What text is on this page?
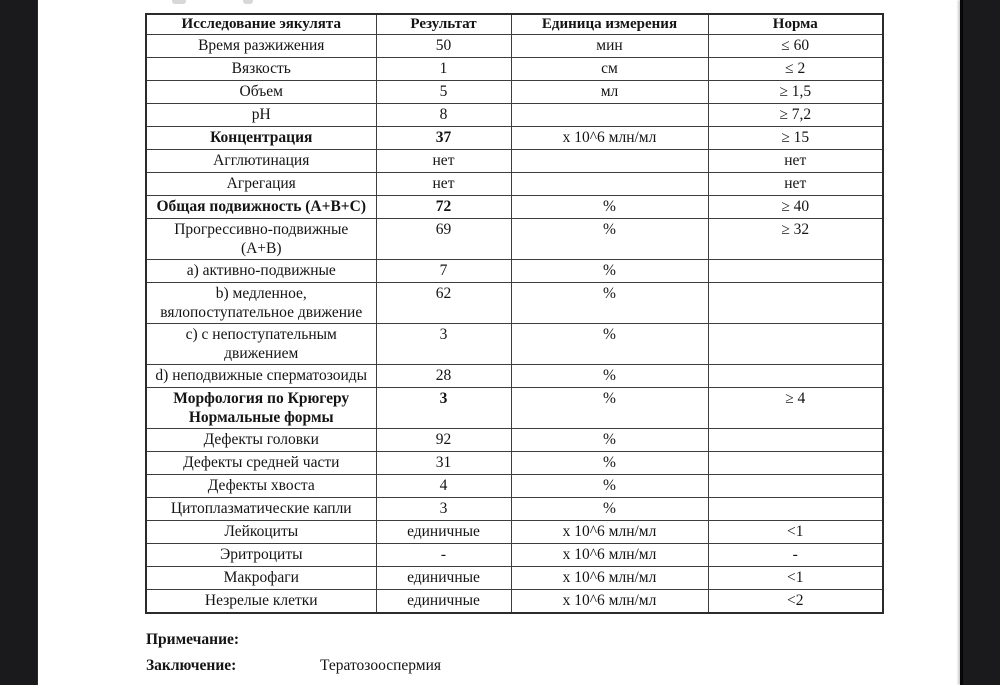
Исследование эякулята	Результат	Единица измерения	Норма
Время разжижения	50	мин	≤ 60
Вязкость	1	см	≤ 2
Объем	5	мл	≥ 1,5
pH	8		≥ 7,2
Концентрация	37	x 10^6 млн/мл	≥ 15
Агглютинация	нет		нет
Агрегация	нет		нет
Общая подвижность (А+В+С)	72	%	≥ 40
Прогрессивно-подвижные
(А+В)	69	%	≥ 32
a) активно-подвижные	7	%	
b) медленное,
вялопоступательное движение	62	%	
c) с непоступательным
движением	3	%	
d) неподвижные сперматозоиды	28	%	
Морфология по Крюгеру
Нормальные формы	3	%	≥ 4
Дефекты головки	92	%	
Дефекты средней части	31	%	
Дефекты хвоста	4	%	
Цитоплазматические капли	3	%	
Лейкоциты	единичные	x 10^6 млн/мл	<1
Эритроциты	-	x 10^6 млн/мл	-
Макрофаги	единичные	x 10^6 млн/мл	<1
Незрелые клетки	единичные	x 10^6 млн/мл	<2
Примечание:
Заключение:	Тератозооспермия
